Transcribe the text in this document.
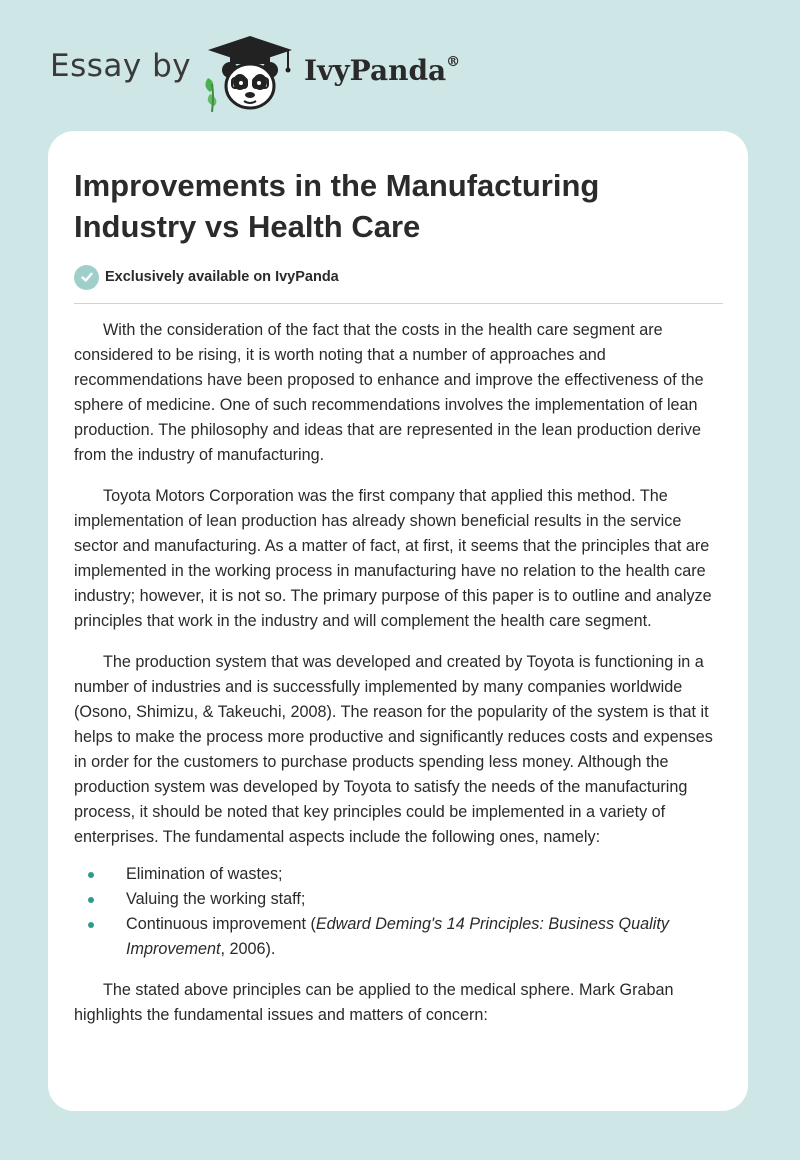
Essay by	IvyPanda®
Improvements in the Manufacturing Industry vs Health Care
Exclusively available on IvyPanda

With the consideration of the fact that the costs in the health care segment are considered to be rising, it is worth noting that a number of approaches and recommendations have been proposed to enhance and improve the effectiveness of the sphere of medicine. One of such recommendations involves the implementation of lean production. The philosophy and ideas that are represented in the lean production derive from the industry of manufacturing.

Toyota Motors Corporation was the first company that applied this method. The implementation of lean production has already shown beneficial results in the service sector and manufacturing. As a matter of fact, at first, it seems that the principles that are implemented in the working process in manufacturing have no relation to the health care industry; however, it is not so. The primary purpose of this paper is to outline and analyze principles that work in the industry and will complement the health care segment.

The production system that was developed and created by Toyota is functioning in a number of industries and is successfully implemented by many companies worldwide (Osono, Shimizu, & Takeuchi, 2008). The reason for the popularity of the system is that it helps to make the process more productive and significantly reduces costs and expenses in order for the customers to purchase products spending less money. Although the production system was developed by Toyota to satisfy the needs of the manufacturing process, it should be noted that key principles could be implemented in a variety of enterprises. The fundamental aspects include the following ones, namely:

Elimination of wastes;
Valuing the working staff;
Continuous improvement (Edward Deming's 14 Principles: Business Quality Improvement, 2006).

The stated above principles can be applied to the medical sphere. Mark Graban highlights the fundamental issues and matters of concern:
